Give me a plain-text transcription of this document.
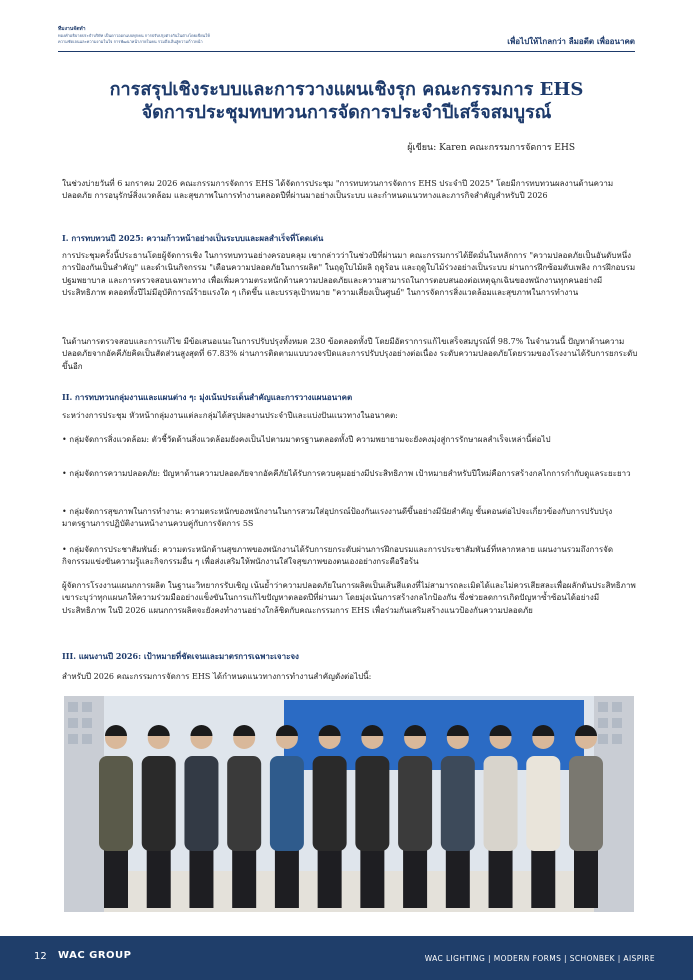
ทีมงานจัดทำ
ทองคำอธิบายประจำบริษัท เป็นดาวออกแบบทุกคน การปรับปรุงต่างกันในต่างโดยเขียนให้
ความชัดเจนและความงามในใจ การพัฒนาหน้าภายในคน รวมถึงเส้นสู่ความก้าวหน้า	เพื่อไปให้ไกลกว่า ลืมอดีต เพื่ออนาคต
การสรุปเชิงระบบและการวางแผนเชิงรุก คณะกรรมการ EHS
จัดการประชุมทบทวนการจัดการประจำปีเสร็จสมบูรณ์
ผู้เขียน: Karen คณะกรรมการจัดการ EHS

ในช่วงบ่ายวันที่ 6 มกราคม 2026 คณะกรรมการจัดการ EHS ได้จัดการประชุม "การทบทวนการจัดการ EHS ประจำปี 2025" โดยมีการทบทวนผลงานด้านความปลอดภัย การอนุรักษ์สิ่งแวดล้อม และสุขภาพในการทำงานตลอดปีที่ผ่านมาอย่างเป็นระบบ และกำหนดแนวทางและภารกิจสำคัญสำหรับปี 2026

I. การทบทวนปี 2025: ความก้าวหน้าอย่างเป็นระบบและผลสำเร็จที่โดดเด่น

การประชุมครั้งนี้ประธานโดยผู้จัดการเชิง ในการทบทวนอย่างครอบคลุม เขากล่าวว่าในช่วงปีที่ผ่านมา คณะกรรมการได้ยึดมั่นในหลักการ "ความปลอดภัยเป็นอันดับหนึ่ง การป้องกันเป็นสำคัญ" และดำเนินกิจกรรม "เดือนความปลอดภัยในการผลิต" ในฤดูใบไม้ผลิ ฤดูร้อน และฤดูใบไม้ร่วงอย่างเป็นระบบ ผ่านการฝึกซ้อมดับเพลิง การฝึกอบรมปฐมพยาบาล และการตรวจสอบเฉพาะทาง เพื่อเพิ่มความตระหนักด้านความปลอดภัยและความสามารถในการตอบสนองต่อเหตุฉุกเฉินของพนักงานทุกคนอย่างมีประสิทธิภาพ ตลอดทั้งปีไม่มีอุบัติการณ์ร้ายแรงใด ๆ เกิดขึ้น และบรรลุเป้าหมาย "ความเสี่ยงเป็นศูนย์" ในการจัดการสิ่งแวดล้อมและสุขภาพในการทำงาน

ในด้านการตรวจสอบและการแก้ไข มีข้อเสนอแนะในการปรับปรุงทั้งหมด 230 ข้อตลอดทั้งปี โดยมีอัตราการแก้ไขเสร็จสมบูรณ์ที่ 98.7% ในจำนวนนี้ ปัญหาด้านความปลอดภัยจากอัคคีภัยคิดเป็นสัดส่วนสูงสุดที่ 67.83% ผ่านการติดตามแบบวงจรปิดและการปรับปรุงอย่างต่อเนื่อง ระดับความปลอดภัยโดยรวมของโรงงานได้รับการยกระดับขึ้นอีก

II. การทบทวนกลุ่มงานและแผนต่าง ๆ: มุ่งเน้นประเด็นสำคัญและการวางแผนอนาคต

ระหว่างการประชุม หัวหน้ากลุ่มงานแต่ละกลุ่มได้สรุปผลงานประจำปีและแบ่งปันแนวทางในอนาคต:

• กลุ่มจัดการสิ่งแวดล้อม: ตัวชี้วัดด้านสิ่งแวดล้อมยังคงเป็นไปตามมาตรฐานตลอดทั้งปี ความพยายามจะยังคงมุ่งสู่การรักษาผลสำเร็จเหล่านี้ต่อไป

• กลุ่มจัดการความปลอดภัย: ปัญหาด้านความปลอดภัยจากอัคคีภัยได้รับการควบคุมอย่างมีประสิทธิภาพ เป้าหมายสำหรับปีใหม่คือการสร้างกลไกการกำกับดูแลระยะยาว

• กลุ่มจัดการสุขภาพในการทำงาน: ความตระหนักของพนักงานในการสวมใส่อุปกรณ์ป้องกันแรงงานดีขึ้นอย่างมีนัยสำคัญ ขั้นตอนต่อไปจะเกี่ยวข้องกับการปรับปรุงมาตรฐานการปฏิบัติงานหน้างานควบคู่กับการจัดการ 5S

• กลุ่มจัดการประชาสัมพันธ์: ความตระหนักด้านสุขภาพของพนักงานได้รับการยกระดับผ่านการฝึกอบรมและการประชาสัมพันธ์ที่หลากหลาย แผนงานรวมถึงการจัดกิจกรรมแข่งขันความรู้และกิจกรรมอื่น ๆ เพื่อส่งเสริมให้พนักงานใส่ใจสุขภาพของตนเองอย่างกระตือรือร้น

ผู้จัดการโรงงานแผนกการผลิต ในฐานะวิทยากรรับเชิญ เน้นย้ำว่าความปลอดภัยในการผลิตเป็นเส้นสีแดงที่ไม่สามารถละเมิดได้และไม่ควรเสียสละเพื่อผลักดันประสิทธิภาพ เขาระบุว่าทุกแผนกให้ความร่วมมืออย่างแข็งขันในการแก้ไขปัญหาตลอดปีที่ผ่านมา โดยมุ่งเน้นการสร้างกลไกป้องกัน ซึ่งช่วยลดการเกิดปัญหาซ้ำซ้อนได้อย่างมีประสิทธิภาพ ในปี 2026 แผนกการผลิตจะยังคงทำงานอย่างใกล้ชิดกับคณะกรรมการ EHS เพื่อร่วมกันเสริมสร้างแนวป้องกันความปลอดภัย

III. แผนงานปี 2026: เป้าหมายที่ชัดเจนและมาตรการเฉพาะเจาะจง

สำหรับปี 2026 คณะกรรมการจัดการ EHS ได้กำหนดแนวทางการทำงานสำคัญดังต่อไปนี้:

12 WAC GROUP	WAC LIGHTING | MODERN FORMS | SCHONBEK | AISPIRE
